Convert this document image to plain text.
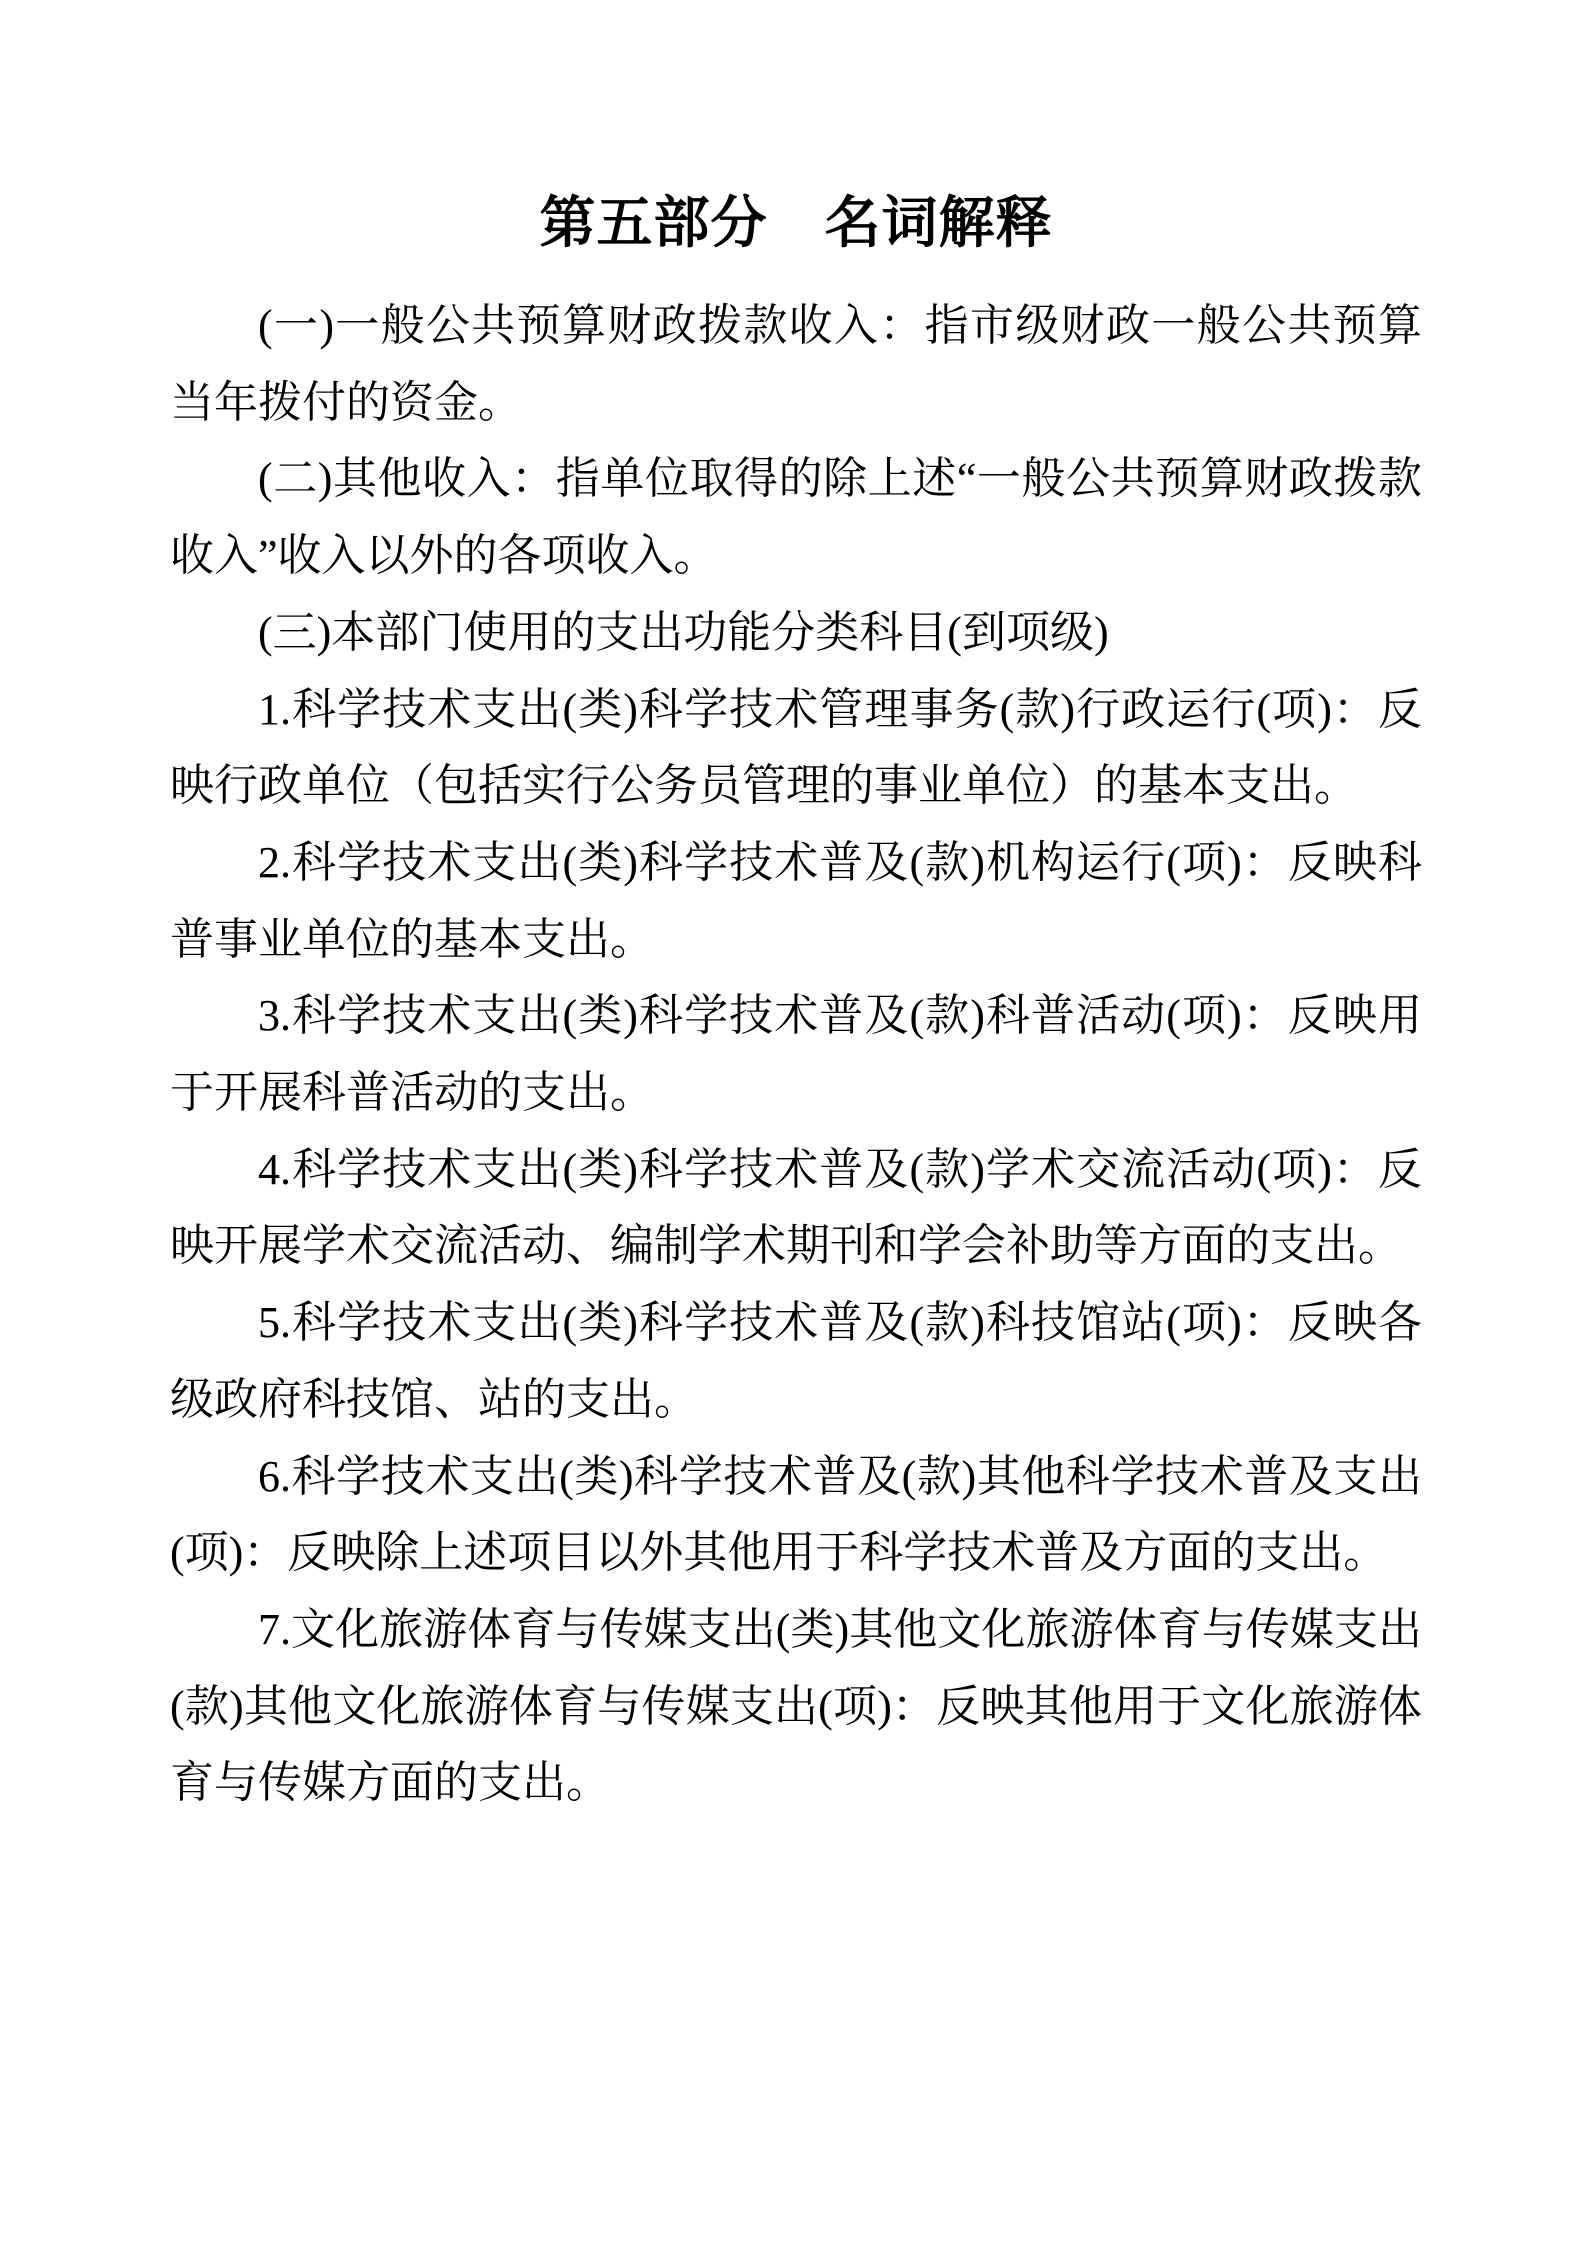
第五部分　名词解释

(一)一般公共预算财政拨款收入：指市级财政一般公共预算当年拨付的资金。

(二)其他收入：指单位取得的除上述“一般公共预算财政拨款收入”收入以外的各项收入。

(三)本部门使用的支出功能分类科目(到项级)

1.科学技术支出(类)科学技术管理事务(款)行政运行(项)：反映行政单位（包括实行公务员管理的事业单位）的基本支出。

2.科学技术支出(类)科学技术普及(款)机构运行(项)：反映科普事业单位的基本支出。

3.科学技术支出(类)科学技术普及(款)科普活动(项)：反映用于开展科普活动的支出。

4.科学技术支出(类)科学技术普及(款)学术交流活动(项)：反映开展学术交流活动、编制学术期刊和学会补助等方面的支出。

5.科学技术支出(类)科学技术普及(款)科技馆站(项)：反映各级政府科技馆、站的支出。

6.科学技术支出(类)科学技术普及(款)其他科学技术普及支出(项)：反映除上述项目以外其他用于科学技术普及方面的支出。

7.文化旅游体育与传媒支出(类)其他文化旅游体育与传媒支出(款)其他文化旅游体育与传媒支出(项)：反映其他用于文化旅游体育与传媒方面的支出。
